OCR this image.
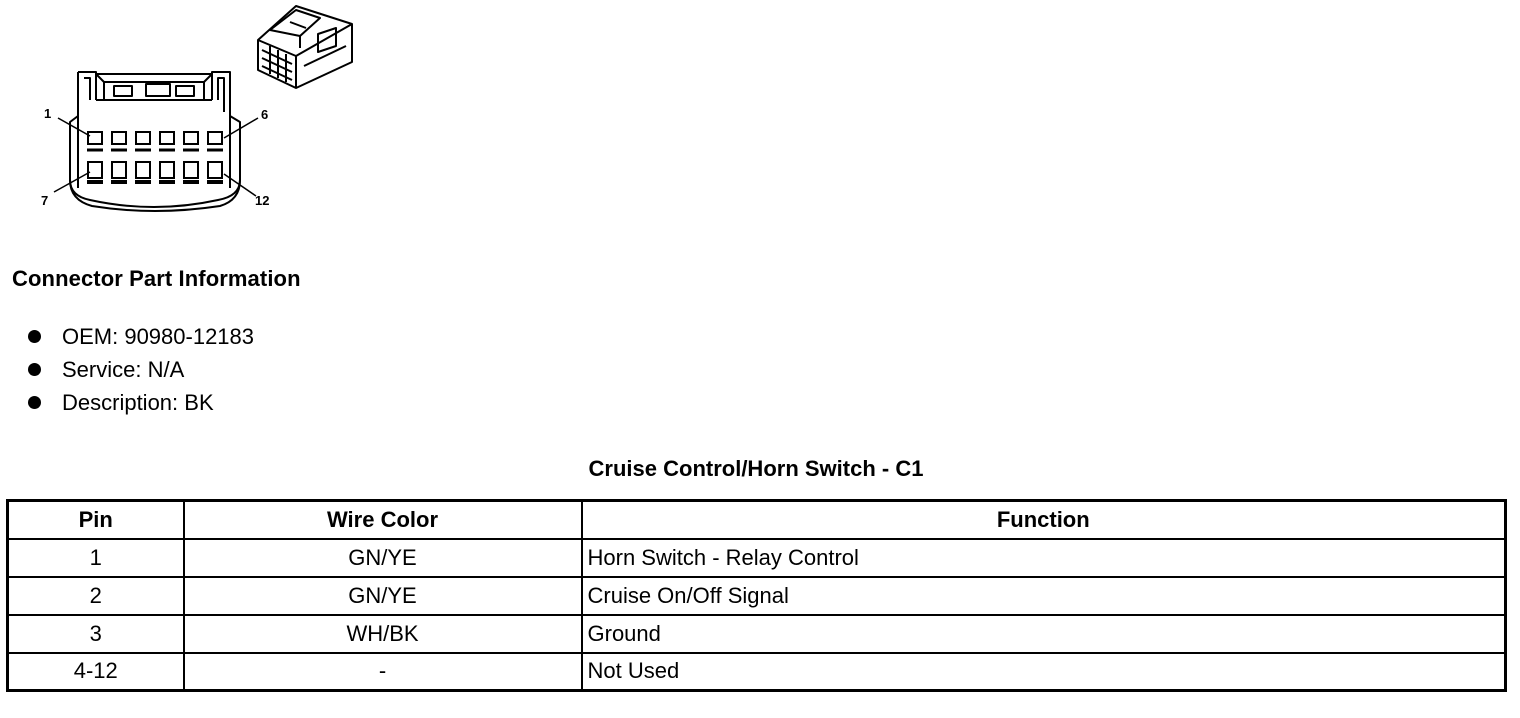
1	6
7	12
Connector Part Information
OEM: 90980-12183
Service: N/A
Description: BK
Cruise Control/Horn Switch - C1
Pin	Wire Color	Function
1	GN/YE	Horn Switch - Relay Control
2	GN/YE	Cruise On/Off Signal
3	WH/BK	Ground
4-12	-	Not Used
